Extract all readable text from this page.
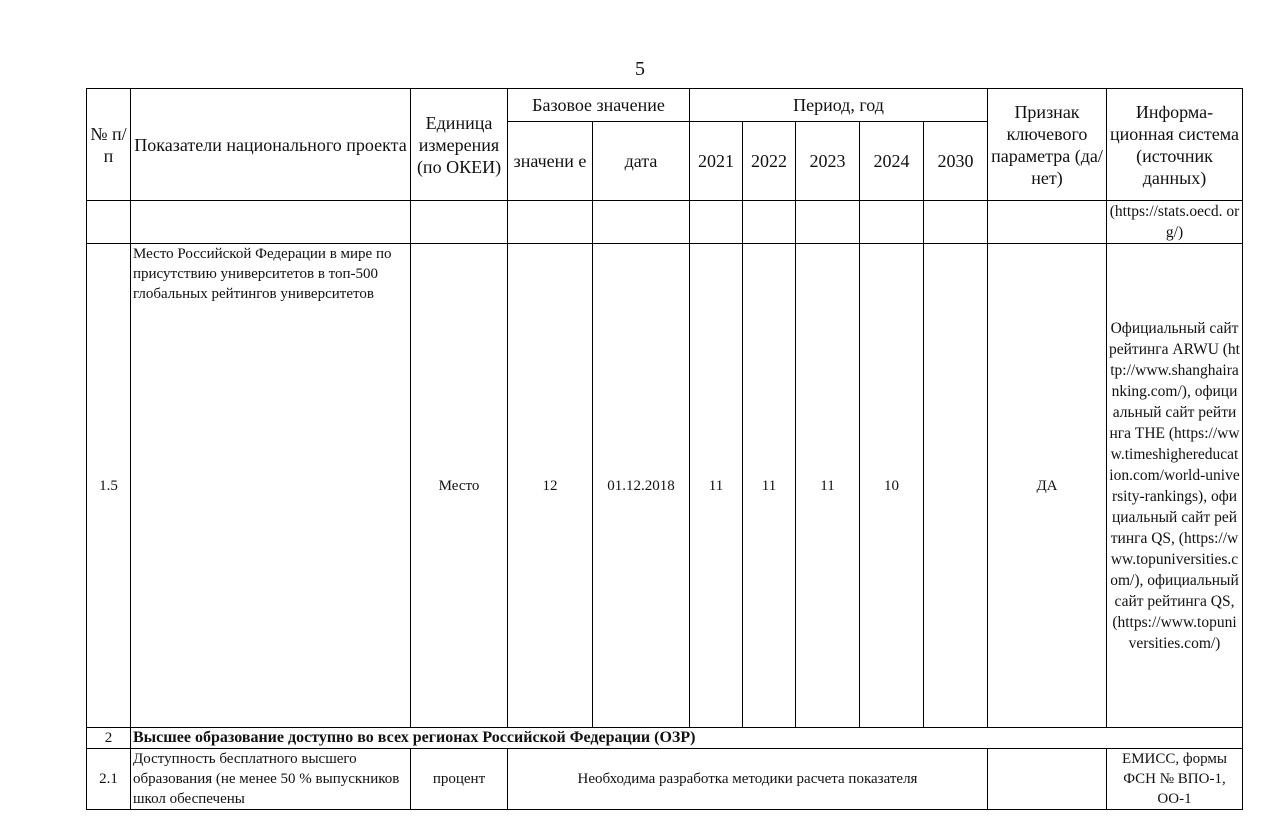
5
№ п/п	Показатели национального проекта	Единица измерения (по ОКЕИ)	Базовое значение		Период, год					Признак ключевого параметра (да/нет)	Информа- ционная система (источник данных)
			значени е	дата	2021	2022	2023	2024	2030		
											(https://stats.oecd. org/)
1.5	Место Российской Федерации в мире по присутствию университетов в топ-500 глобальных рейтингов университетов	Место	12	01.12.2018	11	11	11	10		ДА	Официальный сайт рейтинга ARWU (http://www.shanghairanking.com/), официальный сайт рейтинга THE (https://www.timeshighereducation.com/world-university-rankings), официальный сайт рейтинга QS, (https://www.topuniversities.com/), официальный сайт рейтинга QS, (https://www.topuniversities.com/)
2	Высшее образование доступно во всех регионах Российской Федерации (ОЗР)										
2.1	Доступность бесплатного высшего образования (не менее 50 % выпускников школ обеспечены	процент	Необходима разработка методики расчета показателя								ЕМИСС, формы ФСН № ВПО-1, ОО-1
